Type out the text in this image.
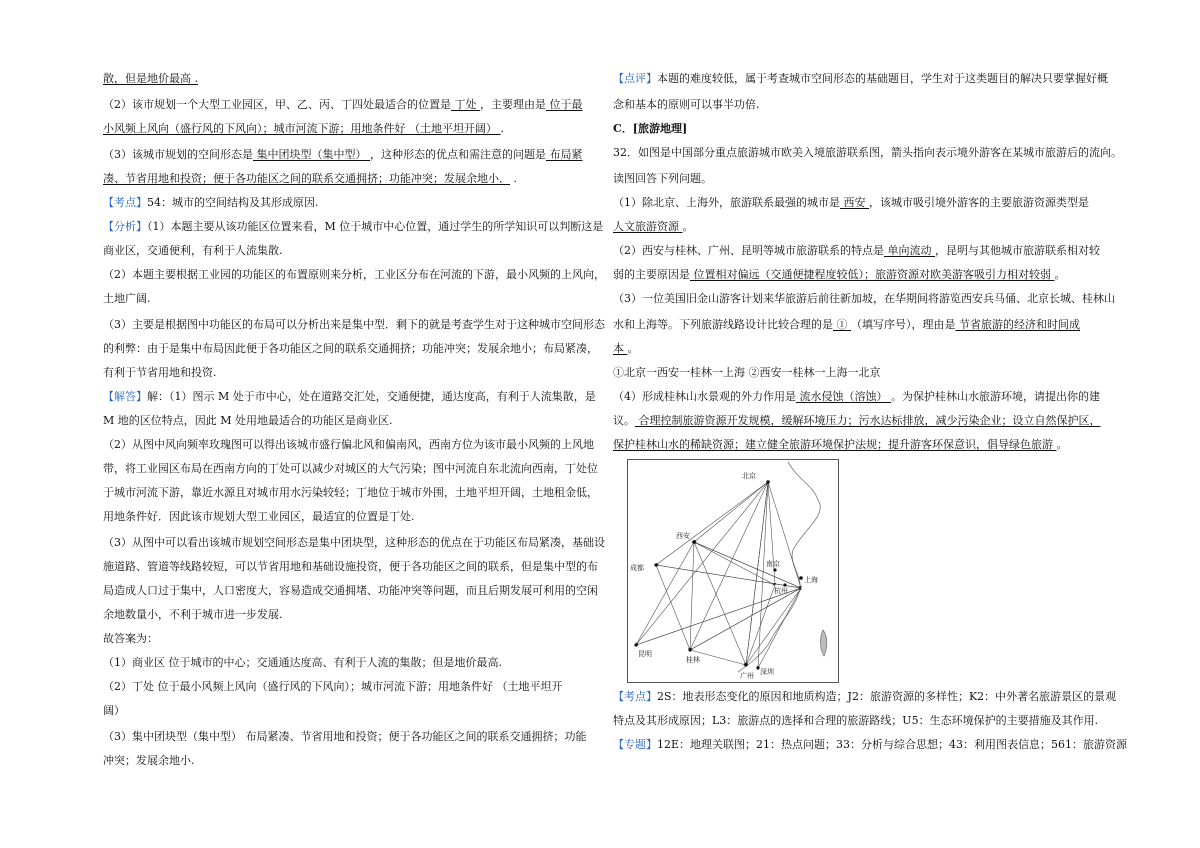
散，但是地价最高 .
（2）该市规划一个大型工业园区，甲、乙、丙、丁四处最适合的位置是 丁处 ，主要理由是 位于最
小风频上风向（盛行风的下风向）；城市河流下游；用地条件好 （土地平坦开阔） .
（3）该城市规划的空间形态是 集中团块型（集中型） ，这种形态的优点和需注意的问题是 布局紧
凑、节省用地和投资；便于各功能区之间的联系交通拥挤；功能冲突；发展余地小． .
【考点】54：城市的空间结构及其形成原因.
【分析】（1）本题主要从该功能区位置来看，M 位于城市中心位置，通过学生的所学知识可以判断这是
商业区，交通便利，有利于人流集散.
（2）本题主要根据工业园的功能区的布置原则来分析，工业区分布在河流的下游，最小风频的上风向，
土地广阔.
（3）主要是根据图中功能区的布局可以分析出来是集中型．剩下的就是考查学生对于这种城市空间形态
的利弊：由于是集中布局因此便于各功能区之间的联系交通拥挤；功能冲突；发展余地小；布局紧凑，
有利于节省用地和投资.
【解答】解：（1）图示 M 处于市中心，处在道路交汇处，交通便捷，通达度高，有利于人流集散，是
M 地的区位特点，因此 M 处用地最适合的功能区是商业区.
（2）从图中风向频率玫瑰图可以得出该城市盛行偏北风和偏南风，西南方位为该市最小风频的上风地
带，将工业园区布局在西南方向的丁处可以减少对城区的大气污染；图中河流自东北流向西南，丁处位
于城市河流下游，靠近水源且对城市用水污染较轻；丁地位于城市外围，土地平坦开阔，土地租金低，
用地条件好．因此该市规划大型工业园区，最适宜的位置是丁处.
（3）从图中可以看出该城市规划空间形态是集中团块型，这种形态的优点在于功能区布局紧凑，基础设
施道路、管道等线路较短，可以节省用地和基础设施投资，便于各功能区之间的联系，但是集中型的布
局造成人口过于集中，人口密度大，容易造成交通拥堵、功能冲突等问题，而且后期发展可利用的空闲
余地数量小，不利于城市进一步发展.
故答案为：
（1）商业区 位于城市的中心；交通通达度高、有利于人流的集散；但是地价最高.
（2）丁处 位于最小风频上风向（盛行风的下风向）；城市河流下游；用地条件好 （土地平坦开
阔）
（3）集中团块型（集中型） 布局紧凑、节省用地和投资；便于各功能区之间的联系交通拥挤；功能
冲突；发展余地小.
【点评】本题的难度较低，属于考查城市空间形态的基础题目，学生对于这类题目的解决只要掌握好概
念和基本的原则可以事半功倍.
C．[旅游地理]
32．如图是中国部分重点旅游城市欧美入境旅游联系图，箭头指向表示境外游客在某城市旅游后的流向。
读图回答下列问题。
（1）除北京、上海外，旅游联系最强的城市是 西安 ，该城市吸引境外游客的主要旅游资源类型是
人文旅游资源 。
（2）西安与桂林、广州、昆明等城市旅游联系的特点是 单向流动 ，昆明与其他城市旅游联系相对较
弱的主要原因是 位置相对偏远（交通便捷程度较低）；旅游资源对欧美游客吸引力相对较弱 。
（3）一位美国旧金山游客计划来华旅游后前往新加坡，在华期间将游览西安兵马俑、北京长城、桂林山
水和上海等。下列旅游线路设计比较合理的是 ① （填写序号），理由是 节省旅游的经济和时间成
本 。
①北京一西安一桂林一上海 ②西安一桂林一上海一北京
（4）形成桂林山水景观的外力作用是 流水侵蚀（溶蚀） 。为保护桂林山水旅游环境，请提出你的建
议。 合理控制旅游资源开发规模，缓解环境压力；污水达标排放，减少污染企业；设立自然保护区，
保护桂林山水的稀缺资源；建立健全旅游环境保护法规；提升游客环保意识，倡导绿色旅游 。
【考点】2S：地表形态变化的原因和地质构造；J2：旅游资源的多样性；K2：中外著名旅游景区的景观
特点及其形成原因；L3：旅游点的选择和合理的旅游路线；U5：生态环境保护的主要措施及其作用.
【专题】12E：地理关联图；21：热点问题；33：分析与综合思想；43：利用图表信息；561：旅游资源
北京
西安
南京
上海
杭州
成都
昆明
桂林
广州 深圳
